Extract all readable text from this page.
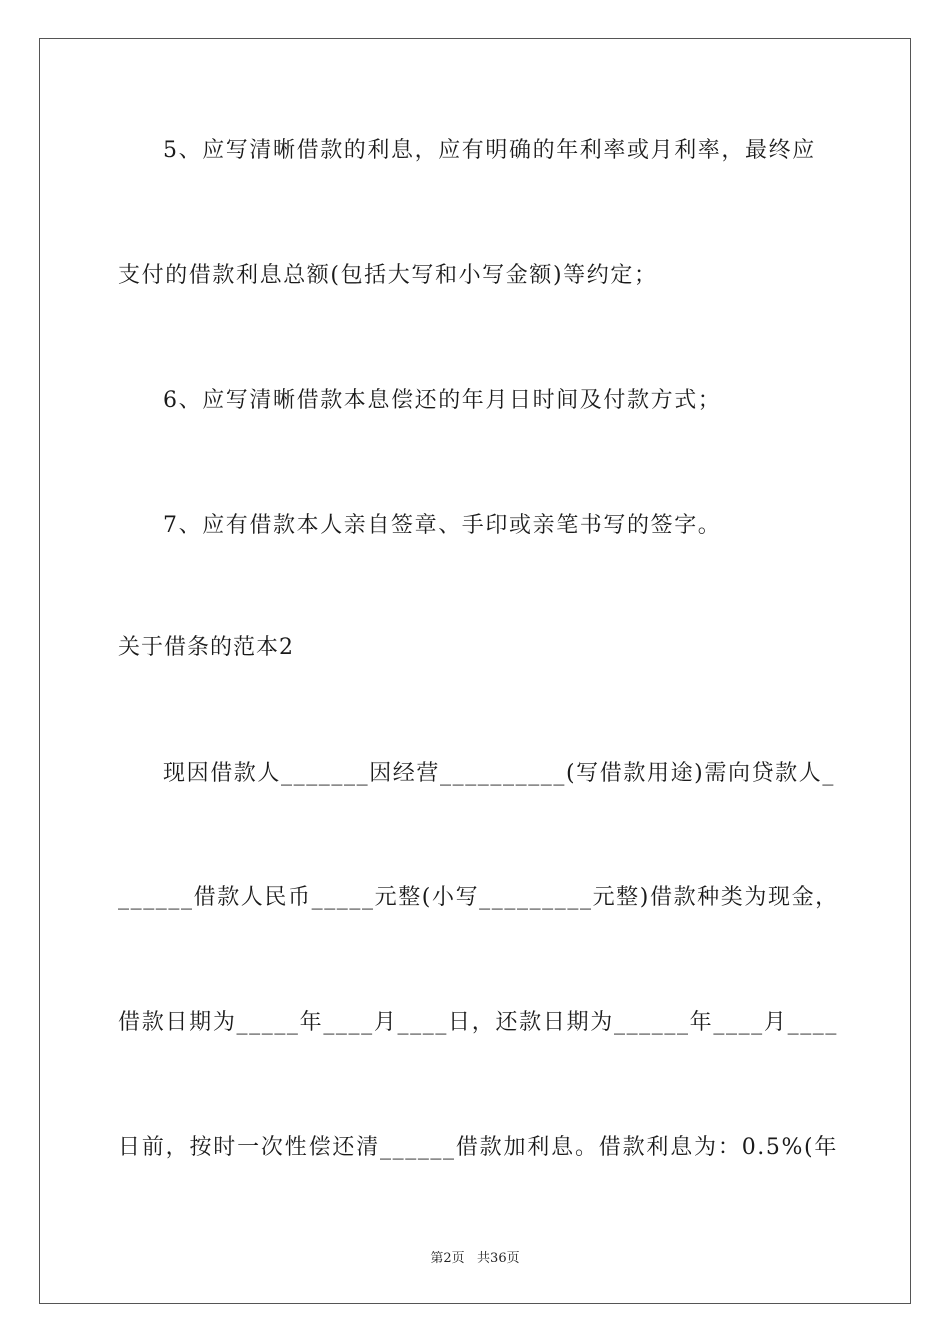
5、应写清晰借款的利息，应有明确的年利率或月利率，最终应
支付的借款利息总额(包括大写和小写金额)等约定；
6、应写清晰借款本息偿还的年月日时间及付款方式；
7、应有借款本人亲自签章、手印或亲笔书写的签字。
关于借条的范本2
现因借款人_______因经营__________(写借款用途)需向贷款人_
______借款人民币_____元整(小写_________元整)借款种类为现金，
借款日期为_____年____月____日，还款日期为______年____月____
日前，按时一次性偿还清______借款加利息。借款利息为：0.5%(年
第2页   共36页
